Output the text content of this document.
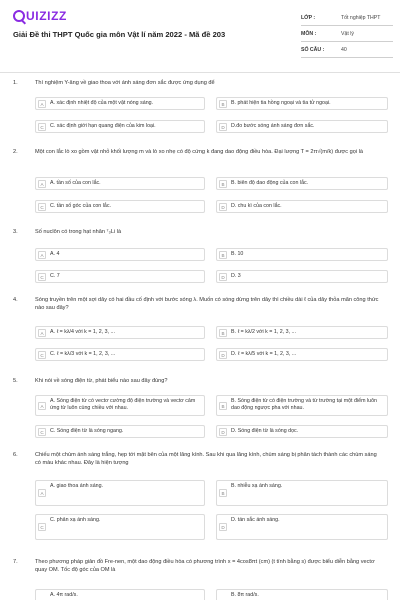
UIZIZZ
Giải Đề thi THPT Quốc gia môn Vật lí năm 2022 - Mã đề 203
LỚP :	Tốt nghiệp THPT
MÔN :	Vật lý
SỐ CÂU :	40
1.	Thí nghiệm Y-âng về giao thoa với ánh sáng đơn sắc được ứng dụng để
A	A. xác định nhiệt độ của một vật nóng sáng.	B	B. phát hiện tia hồng ngoại và tia tử ngoại.
C	C. xác định giới hạn quang điện của kim loại.	D	D.đo bước sóng ánh sáng đơn sắc.
2.	Một con lắc lò xo gồm vật nhỏ khối lượng m và lò xo nhẹ có độ cứng k đang dao động điều hòa. Đại lượng T = 2π√(m/k) được gọi là
A	A. tần số của con lắc.	B	B. biên độ dao động của con lắc.
C	C. tần số góc của con lắc.	D	D. chu kì của con lắc.
3.	Số nuclôn có trong hạt nhân ⁷₃Li là
A	A. 4	B	B. 10
C	C. 7	D	D. 3
4.	Sóng truyền trên một sợi dây có hai đầu cố định với bước sóng λ. Muốn có sóng dừng trên dây thì chiều dài ℓ của dây thỏa mãn công thức nào sau đây?
A	A. ℓ = kλ/4 với k = 1, 2, 3, ...	B	B. ℓ = kλ/2 với k = 1, 2, 3, ...
C	C. ℓ = kλ/3 với k = 1, 2, 3, ...	D	D. ℓ = kλ/5 với k = 1, 2, 3, ...
5.	Khi nói về sóng điện từ, phát biểu nào sau đây đúng?
A
A. Sóng điện từ có vectơ cường độ điện trường và vectơ cảm ứng từ luôn cùng chiều với nhau.	B
B. Sóng điện từ có điện trường và từ trường tại một điểm luôn dao động ngược pha với nhau.
C	C. Sóng điện từ là sóng ngang.	D	D. Sóng điện từ là sóng dọc.
6.	Chiếu một chùm ánh sáng trắng, hẹp tới mặt bên của một lăng kính. Sau khi qua lăng kính, chùm sáng bị phân tách thành các chùm sáng có màu khác nhau. Đây là hiện tượng
A
A. giao thoa ánh sáng.
B
B. nhiễu xạ ánh sáng.
C
C. phản xạ ánh sáng.
D
D. tán sắc ánh sáng.
7.	Theo phương pháp giản đồ Fre-nen, một dao động điều hòa có phương trình x = 4cos8πt (cm) (t tính bằng s) được biểu diễn bằng vectơ quay OM. Tốc độ góc của OM là
A. 4π rad/s.	B. 8π rad/s.
